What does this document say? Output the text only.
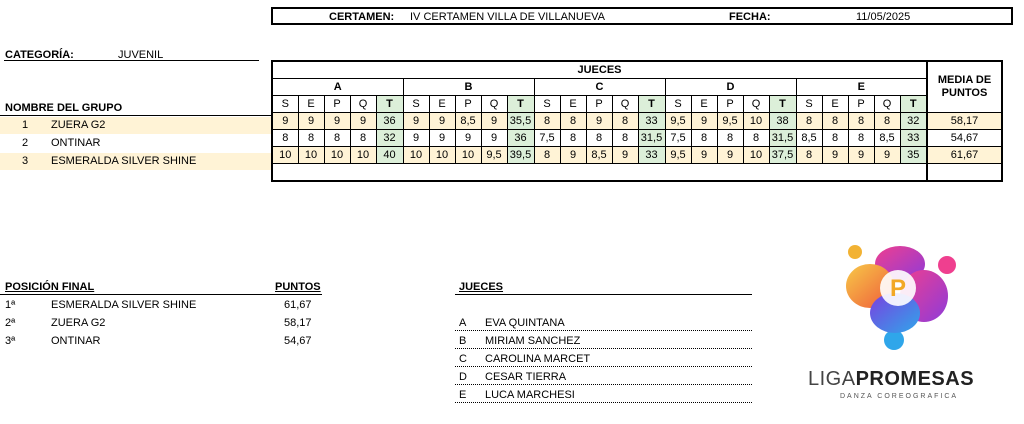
CERTAMEN: IV CERTAMEN VILLA DE VILLANUEVA	FECHA:	11/05/2025
CATEGORÍA:	JUVENIL
NOMBRE DEL GRUPO
1 ZUERA G2
2 ONTINAR
3 ESMERALDA SILVER SHINE
JUECES																									MEDIA DE
PUNTOS

A					B					C					D					E					
S	E	P	Q	T	S	E	P	Q	T	S	E	P	Q	T	S	E	P	Q	T	S	E	P	Q	T	
9	9	9	9	36	9	9	8,5	9	35,5	8	8	9	8	33	9,5	9	9,5	10	38	8	8	8	8	32	58,17
8	8	8	8	32	9	9	9	9	36	7,5	8	8	8	31,5	7,5	8	8	8	31,5	8,5	8	8	8,5	33	54,67
10	10	10	10	40	10	10	10	9,5	39,5	8	9	8,5	9	33	9,5	9	9	10	37,5	8	9	9	9	35	61,67

POSICIÓN FINAL	PUNTOS
1ª	ESMERALDA SILVER SHINE	61,67
2ª	ZUERA G2	58,17
3ª	ONTINAR	54,67
JUECES
A EVA QUINTANA
B MIRIAM SANCHEZ
C CAROLINA MARCET
D CESAR TIERRA
E LUCA MARCHESI
P
LIGAPROMESAS
DANZA COREOGRAFICA
